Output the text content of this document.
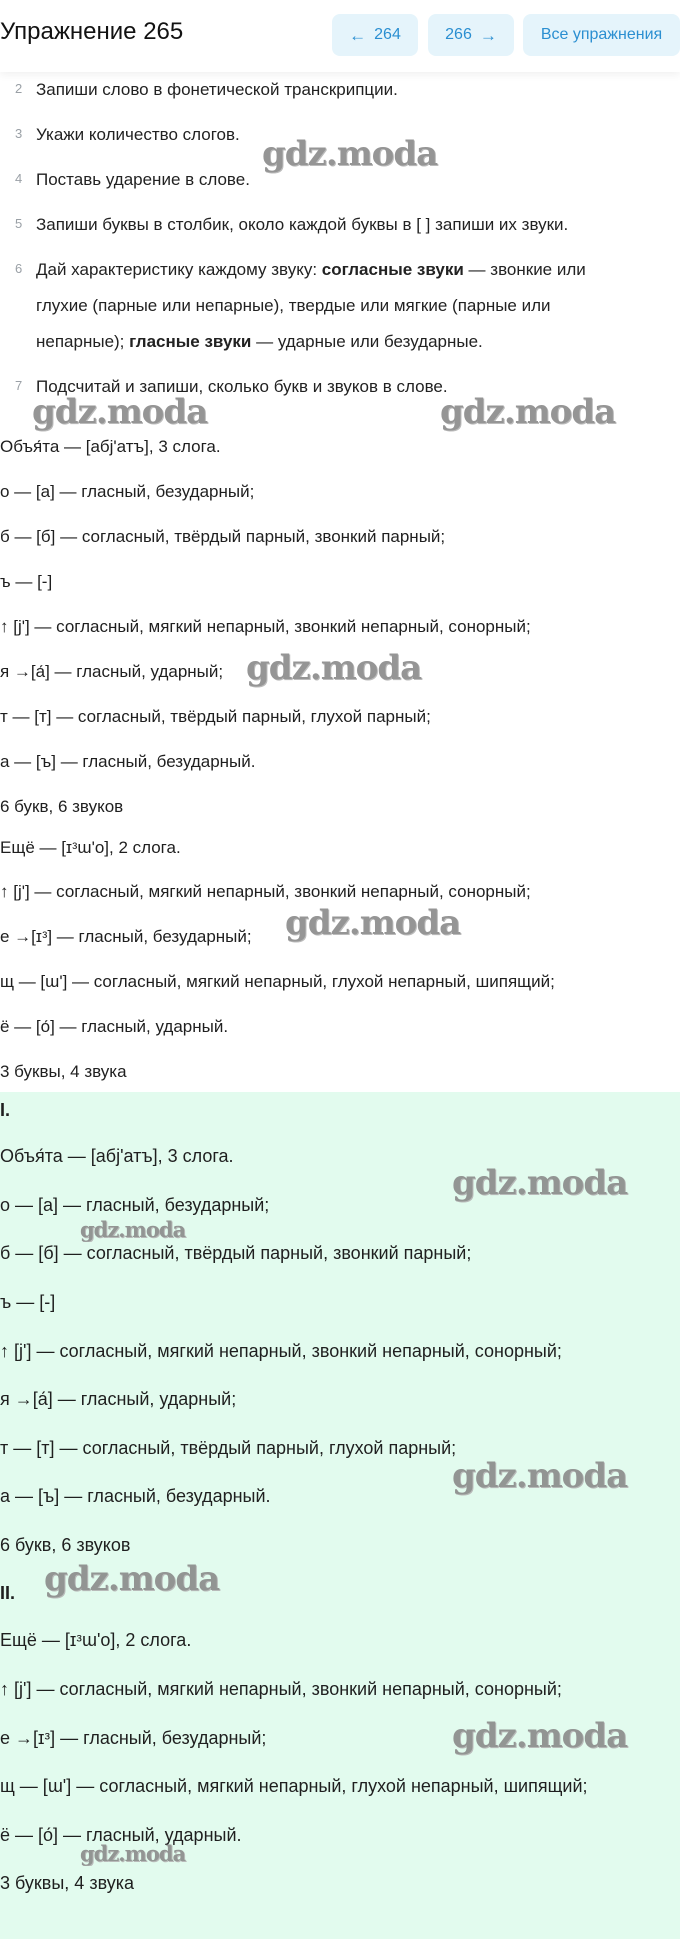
Упражнение 265	← 264	266 →	Все упражнения
2 Запиши слово в фонетической транскрипции.
3 Укажи количество слогов.
4 Поставь ударение в слове.
5 Запиши буквы в столбик, около каждой буквы в [ ] запиши их звуки.
6 Дай характеристику каждому звуку: согласные звуки — звонкие или глухие (парные или непарные), твердые или мягкие (парные или непарные); гласные звуки — ударные или безударные.
7 Подсчитай и запиши, сколько букв и звуков в слове.
Объя́та — [абj'атъ], 3 слога.
о — [а] — гласный, безударный;
б — [б] — согласный, твёрдый парный, звонкий парный;
ъ — [-]
↑ [j'] — согласный, мягкий непарный, звонкий непарный, сонорный;
я →[а́] — гласный, ударный;
т — [т] — согласный, твёрдый парный, глухой парный;
а — [ъ] — гласный, безударный.
6 букв, 6 звуков
Ещё — [ɪᵌɯ'о], 2 слога.
↑ [j'] — согласный, мягкий непарный, звонкий непарный, сонорный;
е →[ɪᵌ] — гласный, безударный;
щ — [ɯ'] — согласный, мягкий непарный, глухой непарный, шипящий;
ё — [о́] — гласный, ударный.
3 буквы, 4 звука
I.
Объя́та — [абj'атъ], 3 слога.
о — [а] — гласный, безударный;
б — [б] — согласный, твёрдый парный, звонкий парный;
ъ — [-]
↑ [j'] — согласный, мягкий непарный, звонкий непарный, сонорный;
я →[а́] — гласный, ударный;
т — [т] — согласный, твёрдый парный, глухой парный;
а — [ъ] — гласный, безударный.
6 букв, 6 звуков
II.
Ещё — [ɪᵌɯ'о], 2 слога.
↑ [j'] — согласный, мягкий непарный, звонкий непарный, сонорный;
е →[ɪᵌ] — гласный, безударный;
щ — [ɯ'] — согласный, мягкий непарный, глухой непарный, шипящий;
ё — [о́] — гласный, ударный.
3 буквы, 4 звука
gdz.moda
gdz.moda	gdz.moda
gdz.moda
gdz.moda
gdz.moda
gdz.moda
gdz.moda
gdz.moda
gdz.moda
gdz.moda
